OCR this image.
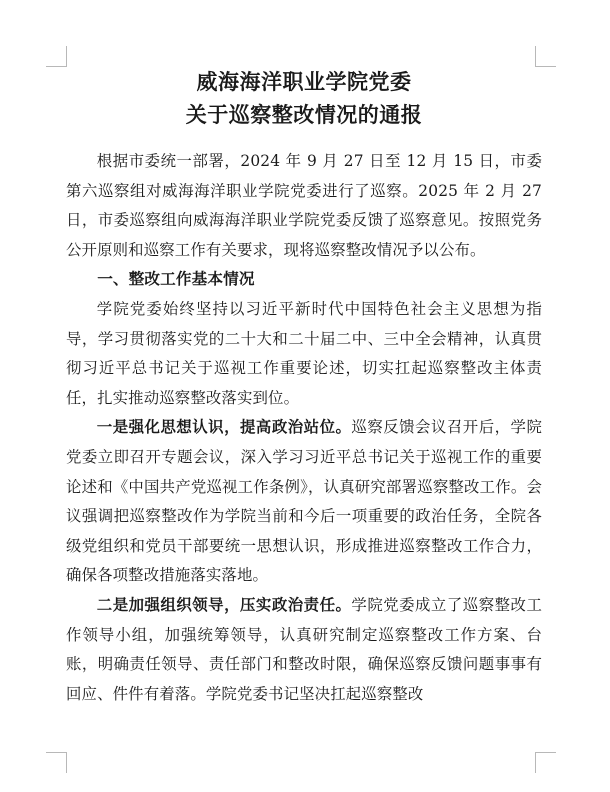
威海海洋职业学院党委
关于巡察整改情况的通报

根据市委统一部署，2024 年 9 月 27 日至 12 月 15 日，市委第六巡察组对威海海洋职业学院党委进行了巡察。2025 年 2 月 27 日，市委巡察组向威海海洋职业学院党委反馈了巡察意见。按照党务公开原则和巡察工作有关要求，现将巡察整改情况予以公布。

一、整改工作基本情况

学院党委始终坚持以习近平新时代中国特色社会主义思想为指导，学习贯彻落实党的二十大和二十届二中、三中全会精神，认真贯彻习近平总书记关于巡视工作重要论述，切实扛起巡察整改主体责任，扎实推动巡察整改落实到位。

一是强化思想认识，提高政治站位。巡察反馈会议召开后，学院党委立即召开专题会议，深入学习习近平总书记关于巡视工作的重要论述和《中国共产党巡视工作条例》，认真研究部署巡察整改工作。会议强调把巡察整改作为学院当前和今后一项重要的政治任务，全院各级党组织和党员干部要统一思想认识，形成推进巡察整改工作合力，确保各项整改措施落实落地。

二是加强组织领导，压实政治责任。学院党委成立了巡察整改工作领导小组，加强统筹领导，认真研究制定巡察整改工作方案、台账，明确责任领导、责任部门和整改时限，确保巡察反馈问题事事有回应、件件有着落。学院党委书记坚决扛起巡察整改
